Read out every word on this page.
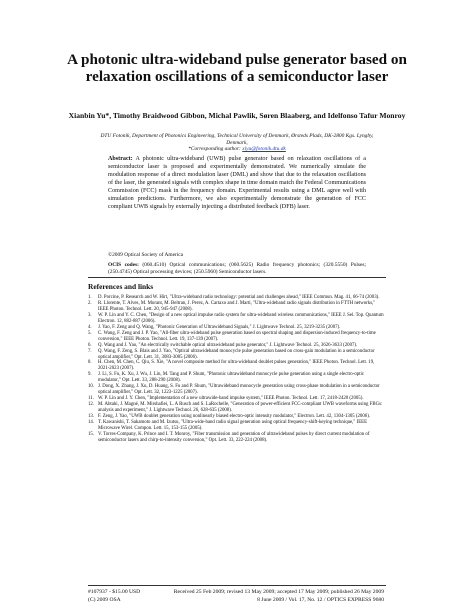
A photonic ultra-wideband pulse generator based on relaxation oscillations of a semiconductor laser
Xianbin Yu*, Timothy Braidwood Gibbon, Michal Pawlik, Søren Blaaberg, and Idelfonso Tafur Monroy
DTU Fotonik, Department of Photonics Engineering, Technical University of Denmark, Ørsteds Plads, DK-2800 Kgs. Lyngby, Denmark,
*Corresponding author: xiyu@fotonik.dtu.dk
Abstract: A photonic ultra-wideband (UWB) pulse generator based on relaxation oscillations of a semiconductor laser is proposed and experimentally demonstrated. We numerically simulate the modulation response of a direct modulation laser (DML) and show that due to the relaxation oscillations of the laser, the generated signals with complex shape in time domain match the Federal Communications Commission (FCC) mask in the frequency domain. Experimental results using a DML agree well with simulation predictions. Furthermore, we also experimentally demonstrate the generation of FCC compliant UWB signals by externally injecting a distributed feedback (DFB) laser.
©2009 Optical Society of America
OCIS codes: (060.4510) Optical communications; (060.5625) Radio frequency photonics; (320.5550) Pulses; (250.4745) Optical processing devices; (250.5960) Semiconductor lasers.
References and links
1.	D. Porcine, P. Research and W. Hirt, "Ultra-wideband radio technology: potential and challenges ahead," IEEE Commun. Mag. 41, 66-74 (2003).
2.	R. Llorente, T. Alves, M. Morant, M. Beltran, J. Perez, A. Cartaxo and J. Marti, "Ultra-wideband radio signals distribution in FTTH networks," IEEE Photon. Technol. Lett. 20, 945-947 (2008).
3.	W. P. Lin and Y. C. Chen, "Design of a new optical impulse radio system for ultra-wideband wireless communications," IEEE J. Sel. Top. Quantum Electron. 12, 882-887 (2006).
4.	J. Yao, F. Zeng and Q. Wang, "Photonic Generation of Ultrawideband Signals," J. Lightwave Technol. 25, 3219-3235 (2007).
5.	C. Wang, F. Zeng and J. P. Yao, "All-fiber ultra-wideband pulse generation based on spectral shaping and dispersion-induced frequency-to-time conversion," IEEE Photon. Technol. Lett. 19, 137-139 (2007).
6.	Q. Wang and J. Yao, "An electrically switchable optical ultrawideband pulse generator," J. Lightwave Technol. 25, 3626-3633 (2007).
7.	Q. Wang, F. Zeng, S. Blais and J. Yao, "Optical ultrawideband monocycle pulse generation based on cross-gain modulation in a semiconductor optical amplifier," Opt. Lett. 31, 3083-3085 (2006).
8.	H. Chen, M. Chen, C. Qiu, S. Xie, "A novel composite method for ultra-wideband doublet pulses generation," IEEE Photon. Technol. Lett. 19, 2021-2023 (2007).
9.	J. Li, S. Fu, K. Xu, J. Wu, J. Lin, M. Tang and P. Shum, "Photonic ultrawideband monocycle pulse generation using a single electro-optic modulator," Opt. Lett. 33, 288-290 (2008).
10. J. Dong, X. Zhang, J. Xu, D. Huang, S. Fu and P. Shum, "Ultrawideband monocycle generation using cross-phase modulation in a semiconductor optical amplifier," Opt. Lett. 32, 1223-1225 (2007).
11. W. P. Lin and J. Y. Chen, "Implementation of a new ultrawide-band impulse system," IEEE Photon. Technol. Lett. 17, 2418-2420 (2005).
12. M. Abtahi, J. Magné, M. Mirshafiei, L. A Rusch and S. LaRochelle, "Generation of power-efficient FCC-compliant UWB waveforms using FBGs: analysis and experiment," J. Lightwave Technol. 26, 628-635 (2008).
13. F. Zeng, J. Yao, "UWB doublet generation using nonlinearly biased electro-optic intensity modulator," Electron. Lett. 42, 1304-1305 (2006).
14. T. Kawanishi, T. Sakamoto and M. Izutsu, "Ultra-wide-band radio signal generation using optical frequency-shift-keying technique," IEEE Microwave Wirel. Compon. Lett. 15, 153-155 (2005).
15. V. Torres-Company, K. Prince and I. T. Monroy, "Fiber transmission and generation of ultrawideband pulses by direct current modulation of semiconductor lasers and chirp-to-intensity conversion," Opt. Lett. 33, 222-224 (2008).
#107937 - $15.00 USD	Received 25 Feb 2009; revised 13 May 2009; accepted 17 May 2009; published 26 May 2009
(C) 2009 OSA	8 June 2009 / Vol. 17, No. 12 / OPTICS EXPRESS 9680
